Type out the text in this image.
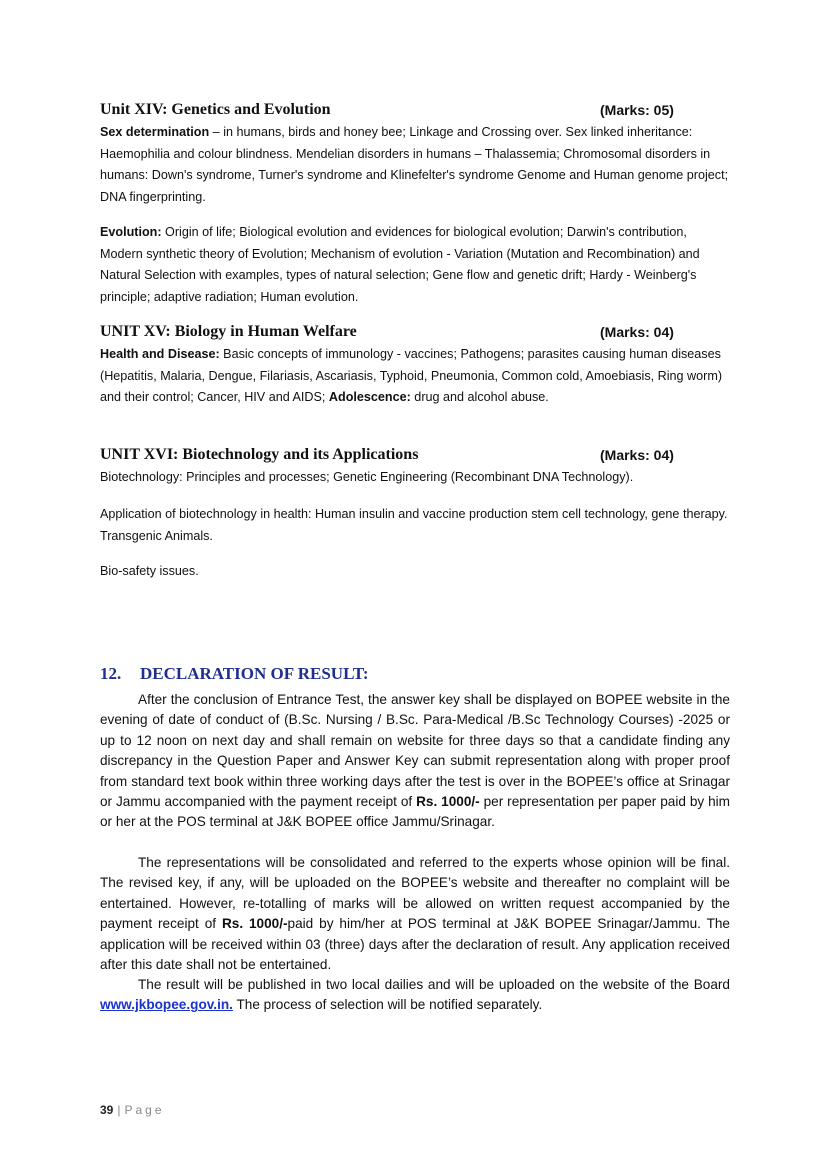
Unit XIV: Genetics and Evolution	(Marks: 05)
Sex determination – in humans, birds and honey bee; Linkage and Crossing over. Sex linked inheritance: Haemophilia and colour blindness. Mendelian disorders in humans – Thalassemia; Chromosomal disorders in humans: Down's syndrome, Turner's syndrome and Klinefelter's syndrome Genome and Human genome project; DNA fingerprinting.
Evolution: Origin of life; Biological evolution and evidences for biological evolution; Darwin's contribution, Modern synthetic theory of Evolution; Mechanism of evolution - Variation (Mutation and Recombination) and Natural Selection with examples, types of natural selection; Gene flow and genetic drift; Hardy - Weinberg's principle; adaptive radiation; Human evolution.
UNIT XV: Biology in Human Welfare	(Marks: 04)
Health and Disease: Basic concepts of immunology - vaccines; Pathogens; parasites causing human diseases (Hepatitis, Malaria, Dengue, Filariasis, Ascariasis, Typhoid, Pneumonia, Common cold, Amoebiasis, Ring worm) and their control; Cancer, HIV and AIDS; Adolescence: drug and alcohol abuse.
UNIT XVI: Biotechnology and its Applications	(Marks: 04)
Biotechnology: Principles and processes; Genetic Engineering (Recombinant DNA Technology).
Application of biotechnology in health: Human insulin and vaccine production stem cell technology, gene therapy. Transgenic Animals.
Bio-safety issues.
12. DECLARATION OF RESULT:
After the conclusion of Entrance Test, the answer key shall be displayed on BOPEE website in the evening of date of conduct of (B.Sc. Nursing / B.Sc. Para-Medical /B.Sc Technology Courses) -2025 or up to 12 noon on next day and shall remain on website for three days so that a candidate finding any discrepancy in the Question Paper and Answer Key can submit representation along with proper proof from standard text book within three working days after the test is over in the BOPEE’s office at Srinagar or Jammu accompanied with the payment receipt of Rs. 1000/- per representation per paper paid by him or her at the POS terminal at J&K BOPEE office Jammu/Srinagar.
The representations will be consolidated and referred to the experts whose opinion will be final. The revised key, if any, will be uploaded on the BOPEE’s website and thereafter no complaint will be entertained. However, re-totalling of marks will be allowed on written request accompanied by the payment receipt of Rs. 1000/-paid by him/her at POS terminal at J&K BOPEE Srinagar/Jammu. The application will be received within 03 (three) days after the declaration of result. Any application received after this date shall not be entertained.
The result will be published in two local dailies and will be uploaded on the website of the Board www.jkbopee.gov.in. The process of selection will be notified separately.
39 | Page
